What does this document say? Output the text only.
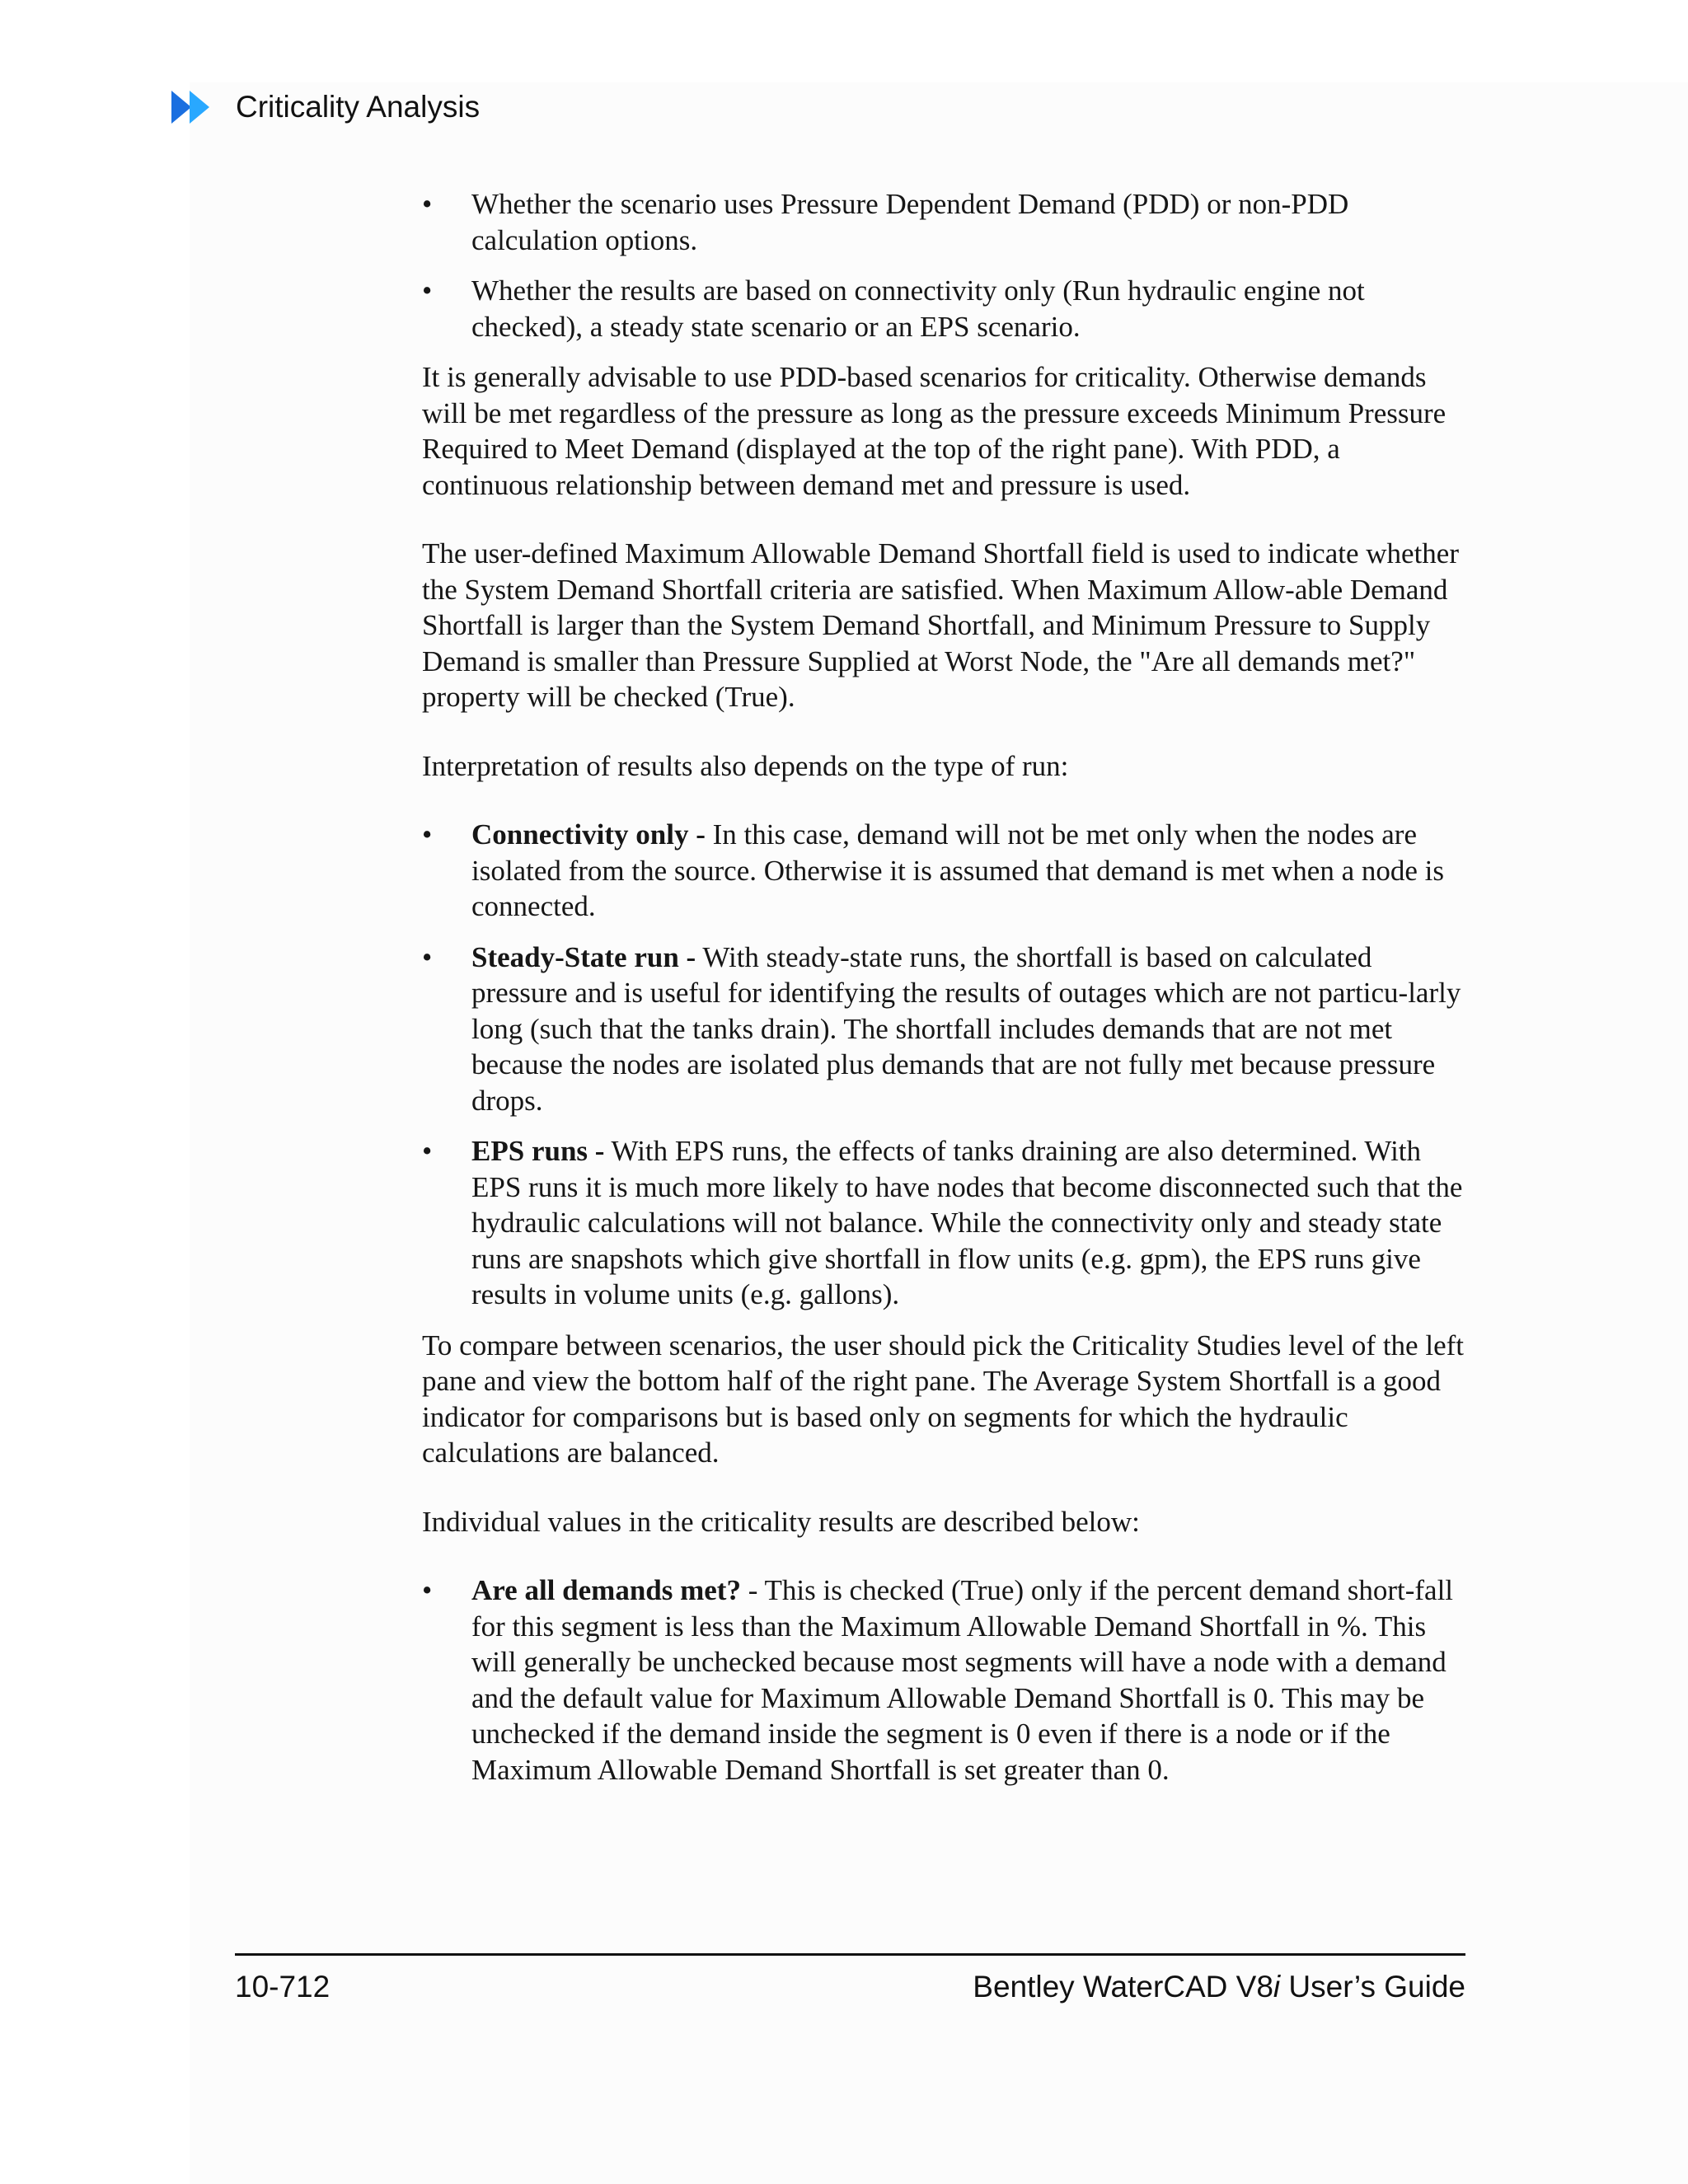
Criticality Analysis
•	Whether the scenario uses Pressure Dependent Demand (PDD) or non-PDD calculation options.
•	Whether the results are based on connectivity only (Run hydraulic engine not checked), a steady state scenario or an EPS scenario.

It is generally advisable to use PDD-based scenarios for criticality. Otherwise demands will be met regardless of the pressure as long as the pressure exceeds Minimum Pressure Required to Meet Demand (displayed at the top of the right pane). With PDD, a continuous relationship between demand met and pressure is used.

The user-defined Maximum Allowable Demand Shortfall field is used to indicate whether the System Demand Shortfall criteria are satisfied. When Maximum Allow-able Demand Shortfall is larger than the System Demand Shortfall, and Minimum Pressure to Supply Demand is smaller than Pressure Supplied at Worst Node, the "Are all demands met?" property will be checked (True).

Interpretation of results also depends on the type of run:

•	Connectivity only - In this case, demand will not be met only when the nodes are isolated from the source. Otherwise it is assumed that demand is met when a node is connected.
•	Steady-State run - With steady-state runs, the shortfall is based on calculated pressure and is useful for identifying the results of outages which are not particu-larly long (such that the tanks drain). The shortfall includes demands that are not met because the nodes are isolated plus demands that are not fully met because pressure drops.
•	EPS runs - With EPS runs, the effects of tanks draining are also determined. With EPS runs it is much more likely to have nodes that become disconnected such that the hydraulic calculations will not balance. While the connectivity only and steady state runs are snapshots which give shortfall in flow units (e.g. gpm), the EPS runs give results in volume units (e.g. gallons).

To compare between scenarios, the user should pick the Criticality Studies level of the left pane and view the bottom half of the right pane. The Average System Shortfall is a good indicator for comparisons but is based only on segments for which the hydraulic calculations are balanced.

Individual values in the criticality results are described below:

•	Are all demands met? - This is checked (True) only if the percent demand short-fall for this segment is less than the Maximum Allowable Demand Shortfall in %. This will generally be unchecked because most segments will have a node with a demand and the default value for Maximum Allowable Demand Shortfall is 0. This may be unchecked if the demand inside the segment is 0 even if there is a node or if the Maximum Allowable Demand Shortfall is set greater than 0.
10-712	Bentley WaterCAD V8i User’s Guide
